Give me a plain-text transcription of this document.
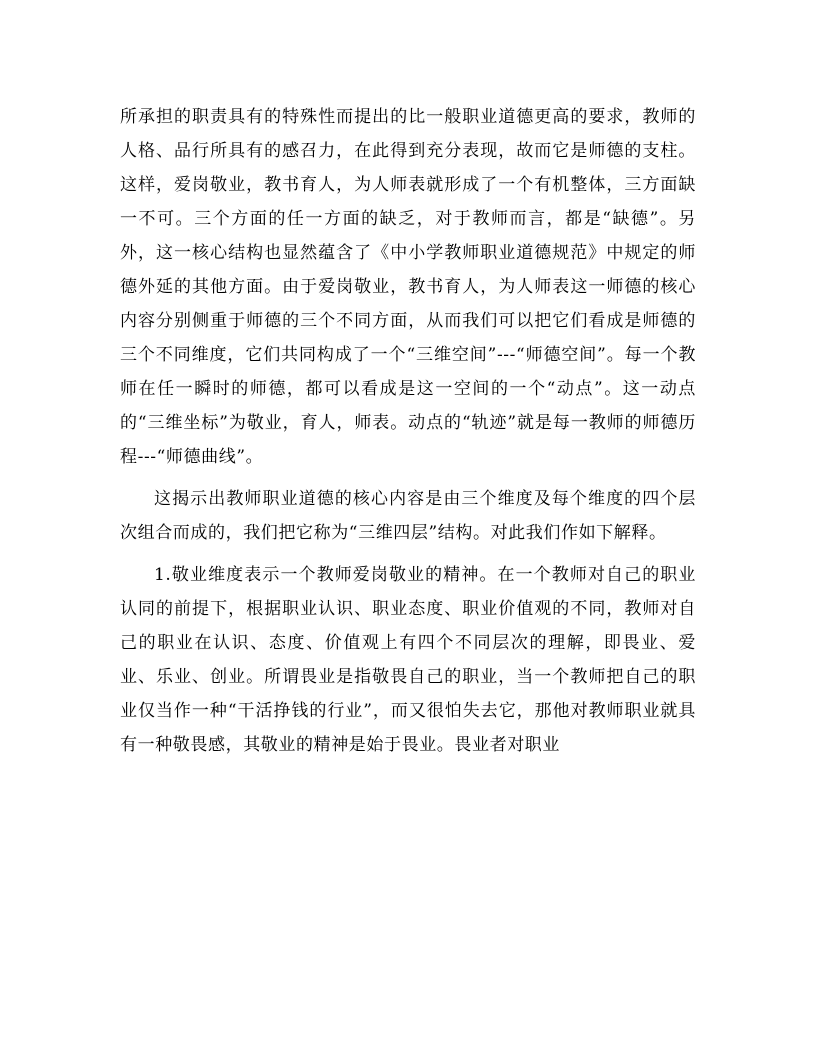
所承担的职责具有的特殊性而提出的比一般职业道德更高的要求，教师的人格、品行所具有的感召力，在此得到充分表现，故而它是师德的支柱。这样，爱岗敬业，教书育人，为人师表就形成了一个有机整体，三方面缺一不可。三个方面的任一方面的缺乏，对于教师而言，都是“缺德”。另外，这一核心结构也显然蕴含了《中小学教师职业道德规范》中规定的师德外延的其他方面。由于爱岗敬业，教书育人，为人师表这一师德的核心内容分别侧重于师德的三个不同方面，从而我们可以把它们看成是师德的三个不同维度，它们共同构成了一个“三维空间”---“师德空间”。每一个教师在任一瞬时的师德，都可以看成是这一空间的一个“动点”。这一动点的“三维坐标”为敬业，育人，师表。动点的“轨迹”就是每一教师的师德历程---“师德曲线”。

这揭示出教师职业道德的核心内容是由三个维度及每个维度的四个层次组合而成的，我们把它称为“三维四层”结构。对此我们作如下解释。

1.敬业维度表示一个教师爱岗敬业的精神。在一个教师对自己的职业认同的前提下，根据职业认识、职业态度、职业价值观的不同，教师对自己的职业在认识、态度、价值观上有四个不同层次的理解，即畏业、爱业、乐业、创业。所谓畏业是指敬畏自己的职业，当一个教师把自己的职业仅当作一种“干活挣钱的行业”，而又很怕失去它，那他对教师职业就具有一种敬畏感，其敬业的精神是始于畏业。畏业者对职业
